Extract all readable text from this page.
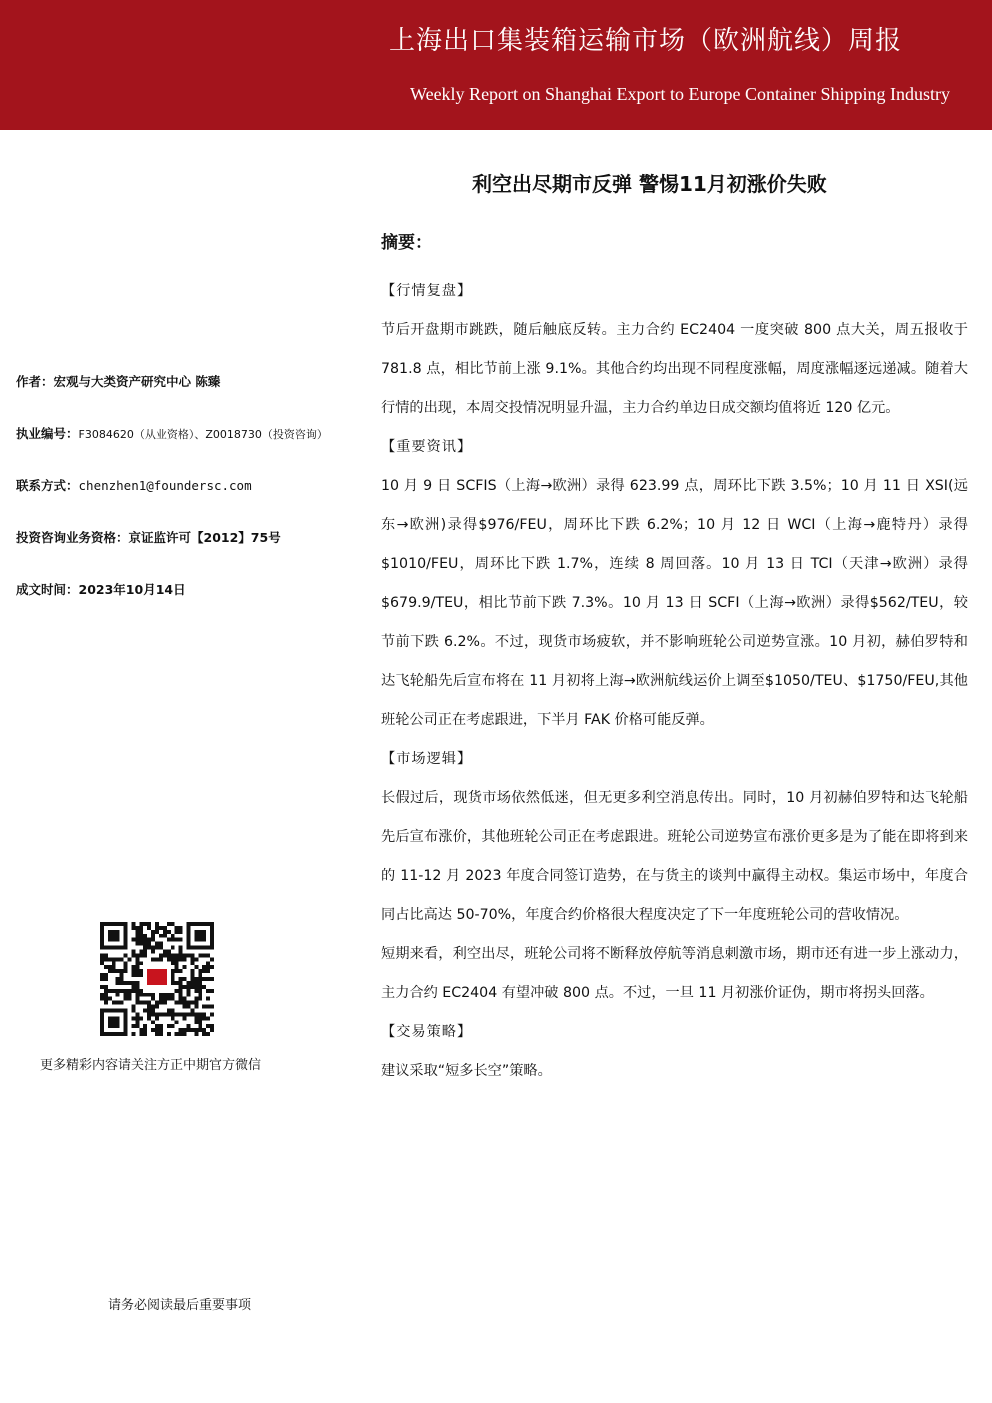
上海出口集装箱运输市场（欧洲航线）周报
Weekly Report on Shanghai Export to Europe Container Shipping Industry
作者：宏观与大类资产研究中心 陈臻
执业编号：F3084620（从业资格）、Z0018730（投资咨询）
联系方式：chenzhen1@foundersc.com
投资咨询业务资格：京证监许可【2012】75号
成文时间：2023年10月14日
更多精彩内容请关注方正中期官方微信
请务必阅读最后重要事项
利空出尽期市反弹 警惕11月初涨价失败
摘要：
【行情复盘】

节后开盘期市跳跌，随后触底反转。主力合约 EC2404 一度突破 800 点大关，周五报收于 781.8 点，相比节前上涨 9.1%。其他合约均出现不同程度涨幅，周度涨幅逐远递减。随着大行情的出现，本周交投情况明显升温，主力合约单边日成交额均值将近 120 亿元。

【重要资讯】

10 月 9 日 SCFIS（上海→欧洲）录得 623.99 点，周环比下跌 3.5%；10 月 11 日 XSI(远东→欧洲)录得$976/FEU，周环比下跌 6.2%；10 月 12 日 WCI（上海→鹿特丹）录得$1010/FEU，周环比下跌 1.7%，连续 8 周回落。10 月 13 日 TCI（天津→欧洲）录得$679.9/TEU，相比节前下跌 7.3%。10 月 13 日 SCFI（上海→欧洲）录得$562/TEU，较节前下跌 6.2%。不过，现货市场疲软，并不影响班轮公司逆势宣涨。10 月初，赫伯罗特和达飞轮船先后宣布将在 11 月初将上海→欧洲航线运价上调至$1050/TEU、$1750/FEU,其他班轮公司正在考虑跟进，下半月 FAK 价格可能反弹。

【市场逻辑】

长假过后，现货市场依然低迷，但无更多利空消息传出。同时，10 月初赫伯罗特和达飞轮船先后宣布涨价，其他班轮公司正在考虑跟进。班轮公司逆势宣布涨价更多是为了能在即将到来的 11-12 月 2023 年度合同签订造势，在与货主的谈判中赢得主动权。集运市场中，年度合同占比高达 50-70%，年度合约价格很大程度决定了下一年度班轮公司的营收情况。

短期来看，利空出尽，班轮公司将不断释放停航等消息刺激市场，期市还有进一步上涨动力，主力合约 EC2404 有望冲破 800 点。不过，一旦 11 月初涨价证伪，期市将拐头回落。

【交易策略】

建议采取“短多长空”策略。
